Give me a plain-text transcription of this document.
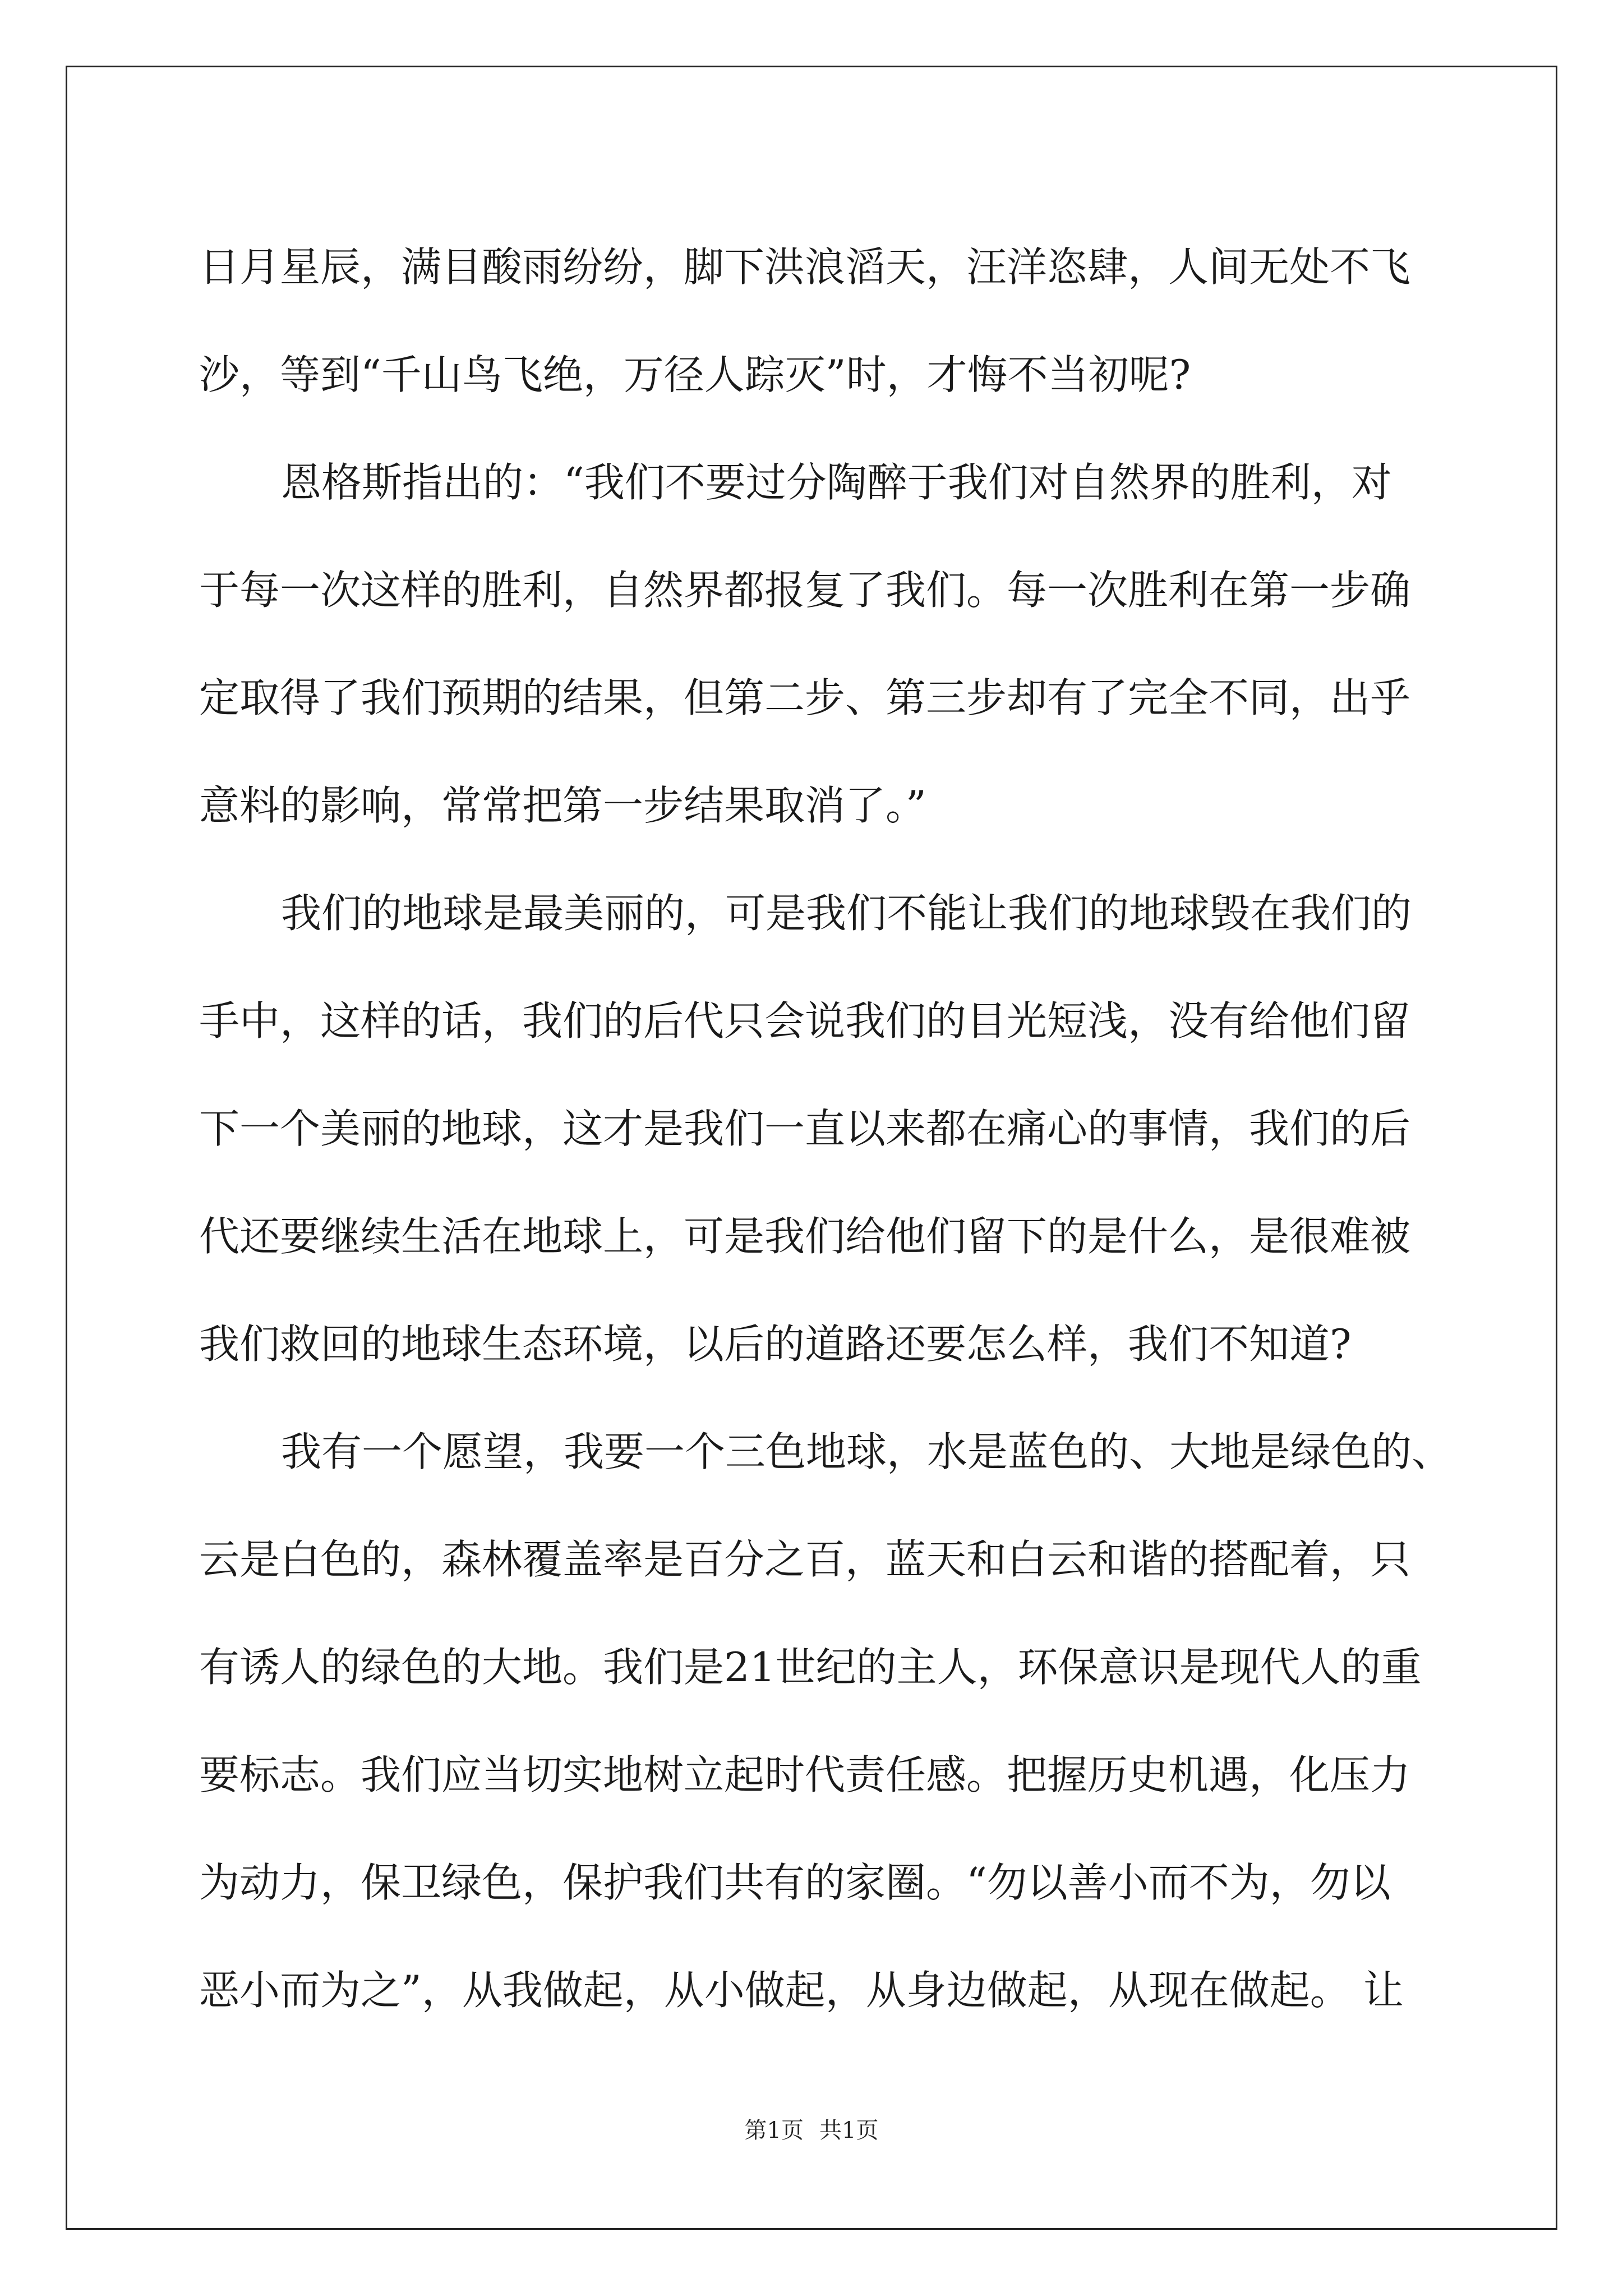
日月星辰，满目酸雨纷纷，脚下洪浪滔天，汪洋恣肆，人间无处不飞
沙，等到“千山鸟飞绝，万径人踪灭”时，才悔不当初呢?
恩格斯指出的：“我们不要过分陶醉于我们对自然界的胜利，对
于每一次这样的胜利，自然界都报复了我们。每一次胜利在第一步确
定取得了我们预期的结果，但第二步、第三步却有了完全不同，出乎
意料的影响，常常把第一步结果取消了。”
我们的地球是最美丽的，可是我们不能让我们的地球毁在我们的
手中，这样的话，我们的后代只会说我们的目光短浅，没有给他们留
下一个美丽的地球，这才是我们一直以来都在痛心的事情，我们的后
代还要继续生活在地球上，可是我们给他们留下的是什么，是很难被
我们救回的地球生态环境，以后的道路还要怎么样，我们不知道?
我有一个愿望，我要一个三色地球，水是蓝色的、大地是绿色的、
云是白色的，森林覆盖率是百分之百，蓝天和白云和谐的搭配着，只
有诱人的绿色的大地。我们是21世纪的主人，环保意识是现代人的重
要标志。我们应当切实地树立起时代责任感。把握历史机遇，化压力
为动力，保卫绿色，保护我们共有的家圈。“勿以善小而不为，勿以
恶小而为之”，从我做起，从小做起，从身边做起，从现在做起。 让
第1页 共1页
